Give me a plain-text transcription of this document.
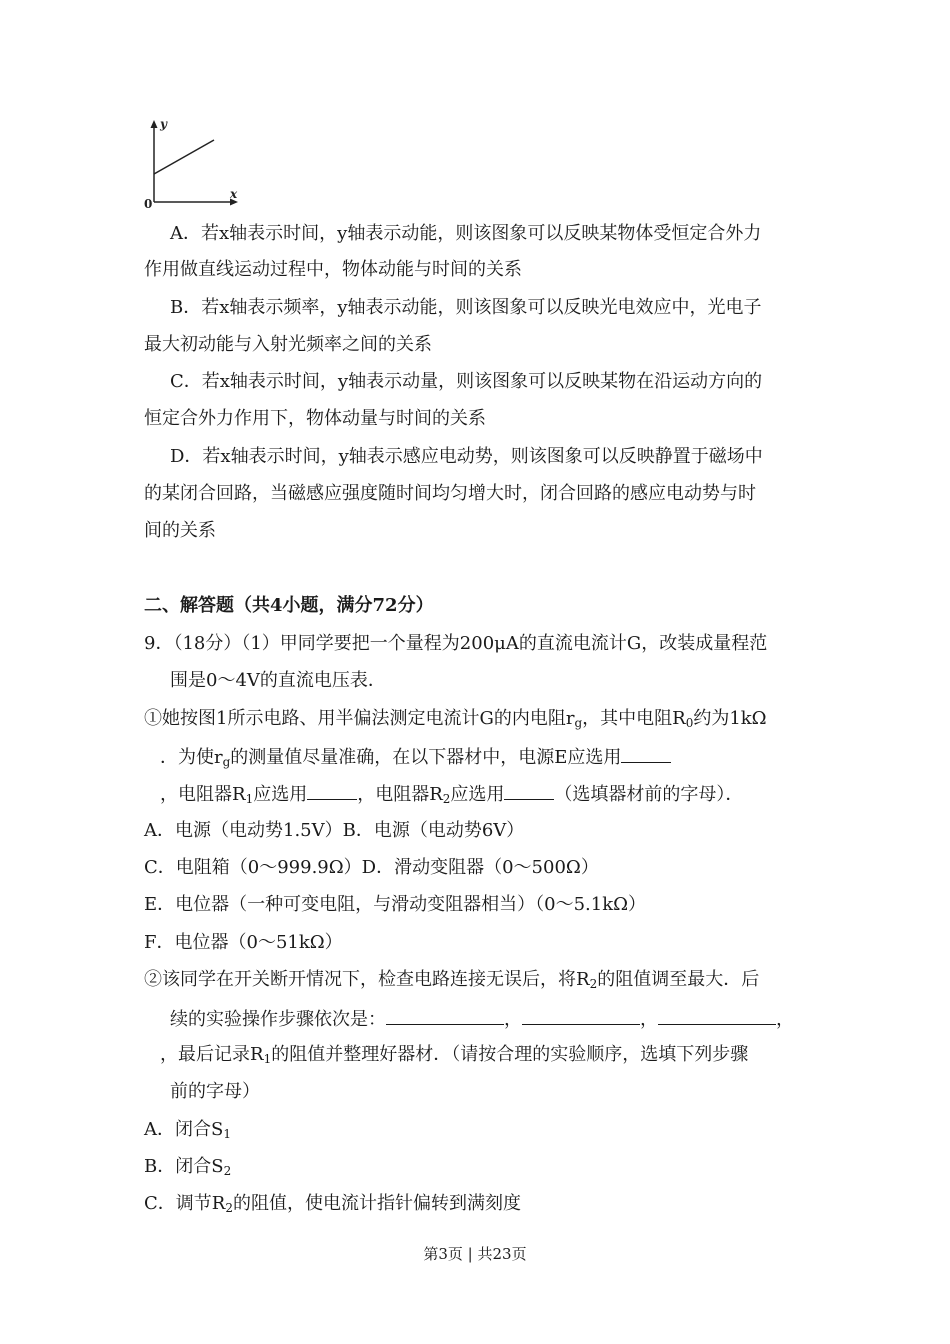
y
x
0
A．若x轴表示时间，y轴表示动能，则该图象可以反映某物体受恒定合外力
作用做直线运动过程中，物体动能与时间的关系
B．若x轴表示频率，y轴表示动能，则该图象可以反映光电效应中，光电子
最大初动能与入射光频率之间的关系
C．若x轴表示时间，y轴表示动量，则该图象可以反映某物在沿运动方向的
恒定合外力作用下，物体动量与时间的关系
D．若x轴表示时间，y轴表示感应电动势，则该图象可以反映静置于磁场中
的某闭合回路，当磁感应强度随时间均匀增大时，闭合回路的感应电动势与时
间的关系
二、解答题（共4小题，满分72分）
9．（18分）（1）甲同学要把一个量程为200μA的直流电流计G，改装成量程范
围是0～4V的直流电压表．
①她按图1所示电路、用半偏法测定电流计G的内电阻$r_g$，其中电阻$R_0$约为1kΩ
．为使$r_g$的测量值尽量准确，在以下器材中，电源E应选用
，电阻器$R_1$应选用	，电阻器$R_2$应选用	（选填器材前的字母）．
A．电源（电动势1.5V）B．电源（电动势6V）
C．电阻箱（0～999.9Ω）D．滑动变阻器（0～500Ω）
E．电位器（一种可变电阻，与滑动变阻器相当）（0～5.1kΩ）
F．电位器（0～51kΩ）
②该同学在开关断开情况下，检查电路连接无误后，将$R_2$的阻值调至最大．后
续的实验操作步骤依次是：	，	，	，
，最后记录$R_1$的阻值并整理好器材．（请按合理的实验顺序，选填下列步骤
前的字母）
A．闭合$S_1$
B．闭合$S_2$
C．调节$R_2$的阻值，使电流计指针偏转到满刻度
第3页 | 共23页
